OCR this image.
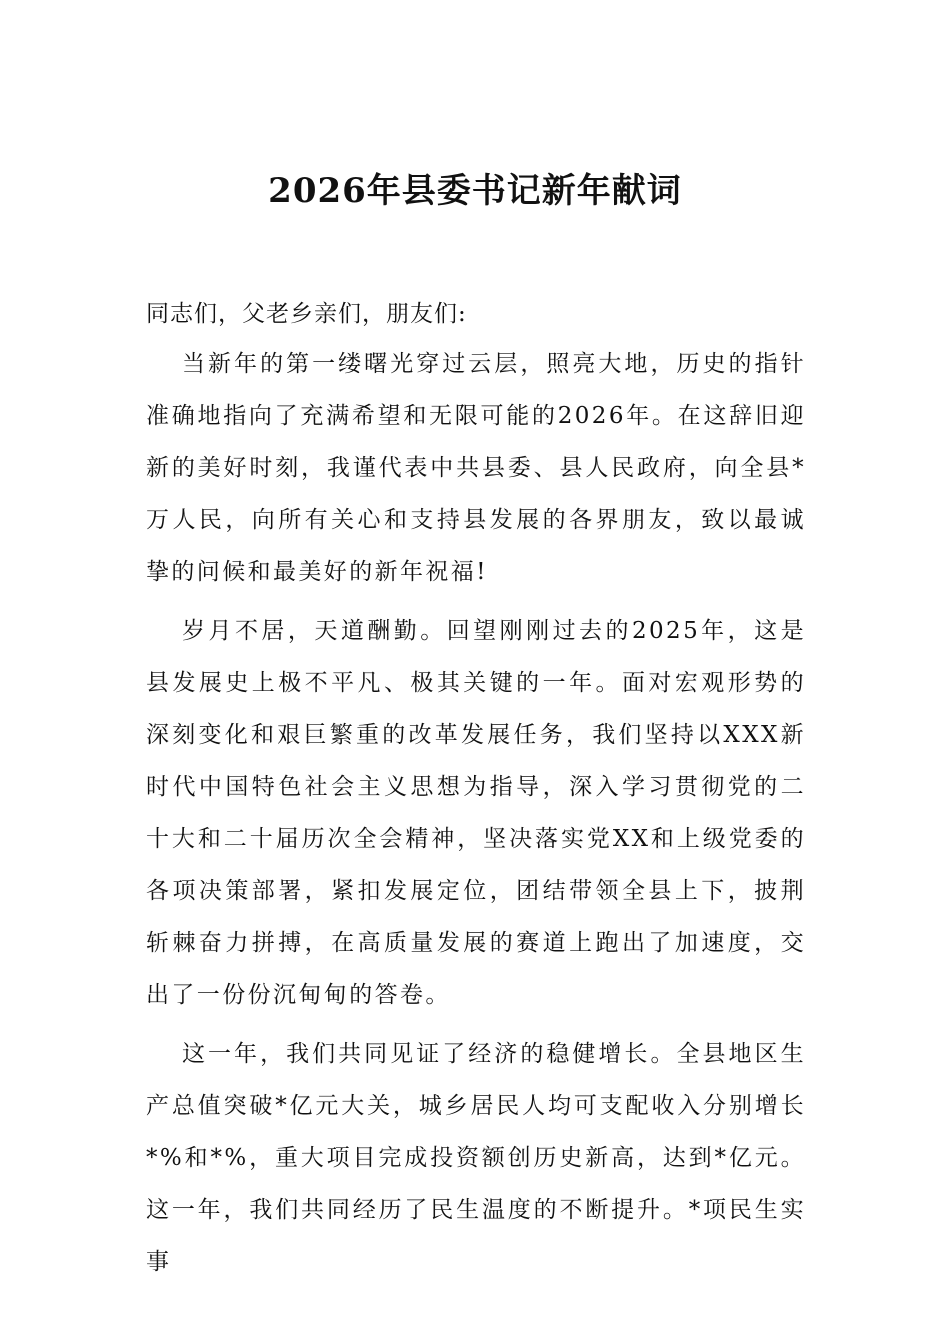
2026年县委书记新年献词

同志们，父老乡亲们，朋友们:

当新年的第一缕曙光穿过云层，照亮大地，历史的指针准确地指向了充满希望和无限可能的2026年。在这辞旧迎新的美好时刻，我谨代表中共县委、县人民政府，向全县*万人民，向所有关心和支持县发展的各界朋友，致以最诚挚的问候和最美好的新年祝福!

岁月不居，天道酬勤。回望刚刚过去的2025年，这是县发展史上极不平凡、极其关键的一年。面对宏观形势的深刻变化和艰巨繁重的改革发展任务，我们坚持以XXX新时代中国特色社会主义思想为指导，深入学习贯彻党的二十大和二十届历次全会精神，坚决落实党XX和上级党委的各项决策部署，紧扣发展定位，团结带领全县上下，披荆斩棘奋力拼搏，在高质量发展的赛道上跑出了加速度，交出了一份份沉甸甸的答卷。

这一年，我们共同见证了经济的稳健增长。全县地区生产总值突破*亿元大关，城乡居民人均可支配收入分别增长*%和*%，重大项目完成投资额创历史新高，达到*亿元。这一年，我们共同经历了民生温度的不断提升。*项民生实事
